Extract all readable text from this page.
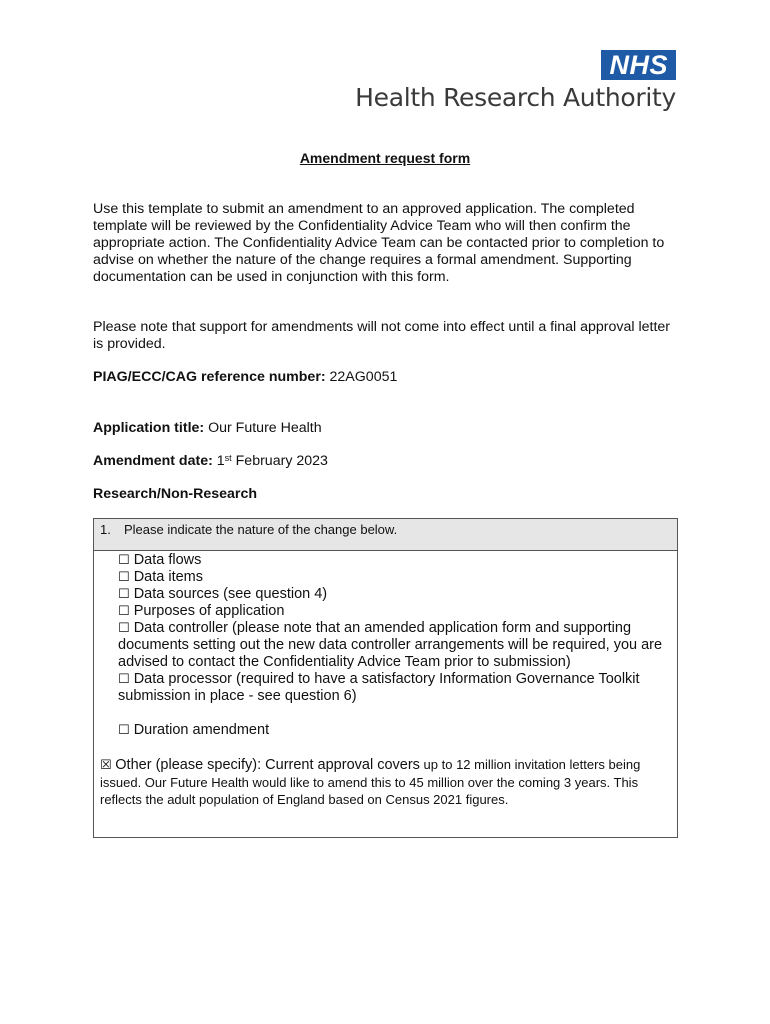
NHS
Health Research Authority
Amendment request form
Use this template to submit an amendment to an approved application. The completed template will be reviewed by the Confidentiality Advice Team who will then confirm the appropriate action. The Confidentiality Advice Team can be contacted prior to completion to advise on whether the nature of the change requires a formal amendment. Supporting documentation can be used in conjunction with this form.
Please note that support for amendments will not come into effect until a final approval letter is provided.
PIAG/ECC/CAG reference number: 22AG0051
Application title: Our Future Health
Amendment date: 1st February 2023
Research/Non-Research
1. Please indicate the nature of the change below.
☐ Data flows
☐ Data items
☐ Data sources (see question 4)
☐ Purposes of application
☐ Data controller (please note that an amended application form and supporting documents setting out the new data controller arrangements will be required, you are advised to contact the Confidentiality Advice Team prior to submission)
☐ Data processor (required to have a satisfactory Information Governance Toolkit submission in place - see question 6)
☐ Duration amendment
☒ Other (please specify): Current approval covers up to 12 million invitation letters being issued. Our Future Health would like to amend this to 45 million over the coming 3 years. This reflects the adult population of England based on Census 2021 figures.
